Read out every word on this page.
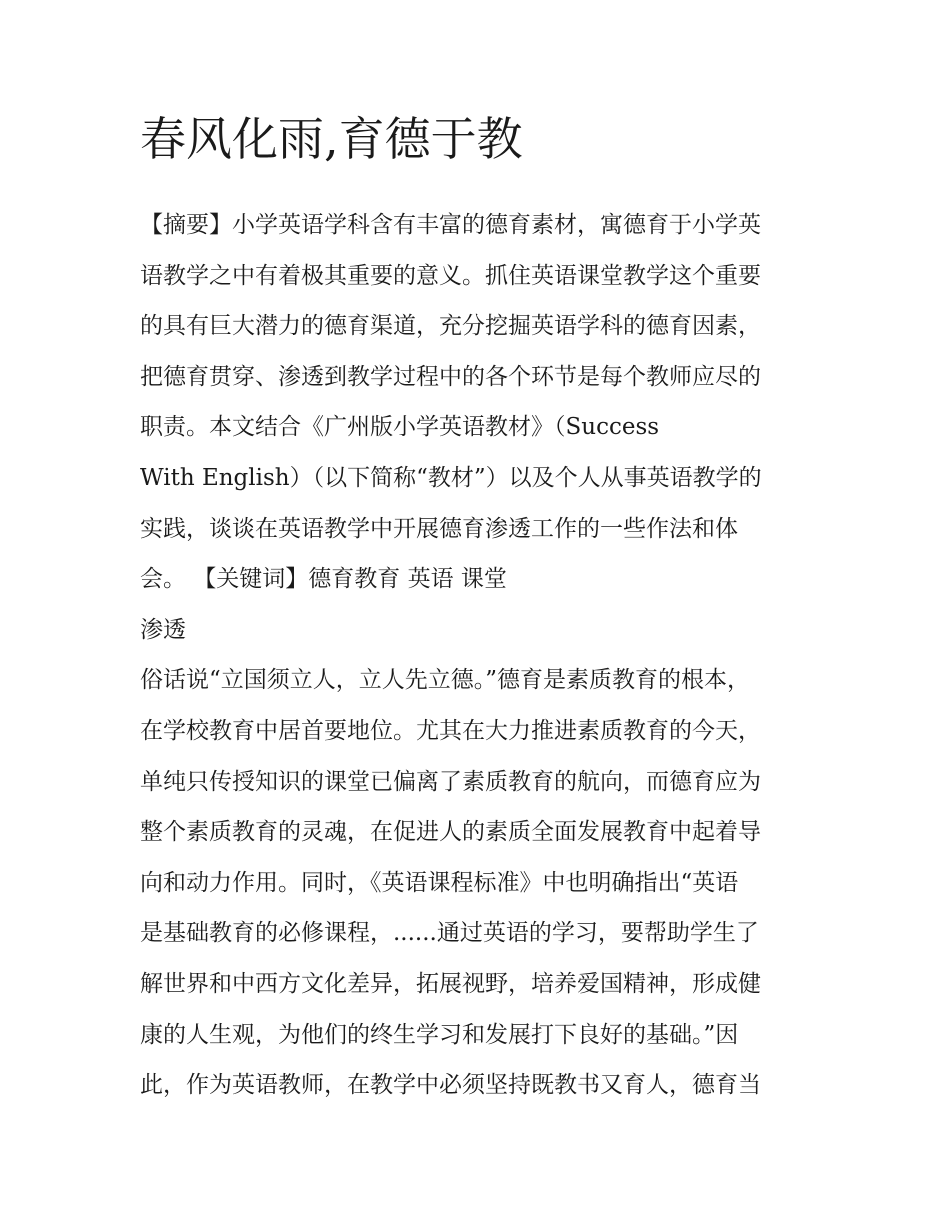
春风化雨,育德于教
【摘要】小学英语学科含有丰富的德育素材，寓德育于小学英
语教学之中有着极其重要的意义。抓住英语课堂教学这个重要
的具有巨大潜力的德育渠道，充分挖掘英语学科的德育因素，
把德育贯穿、渗透到教学过程中的各个环节是每个教师应尽的
职责。本文结合《广州版小学英语教材》（Success
With English）（以下简称“教材”）以及个人从事英语教学的
实践，谈谈在英语教学中开展德育渗透工作的一些作法和体
会。 【关键词】德育教育 英语 课堂
渗透
俗话说“立国须立人，立人先立德。”德育是素质教育的根本，
在学校教育中居首要地位。尤其在大力推进素质教育的今天，
单纯只传授知识的课堂已偏离了素质教育的航向，而德育应为
整个素质教育的灵魂，在促进人的素质全面发展教育中起着导
向和动力作用。同时，《英语课程标准》中也明确指出“英语
是基础教育的必修课程，......通过英语的学习，要帮助学生了
解世界和中西方文化差异，拓展视野，培养爱国精神，形成健
康的人生观，为他们的终生学习和发展打下良好的基础。”因
此，作为英语教师，在教学中必须坚持既教书又育人，德育当
